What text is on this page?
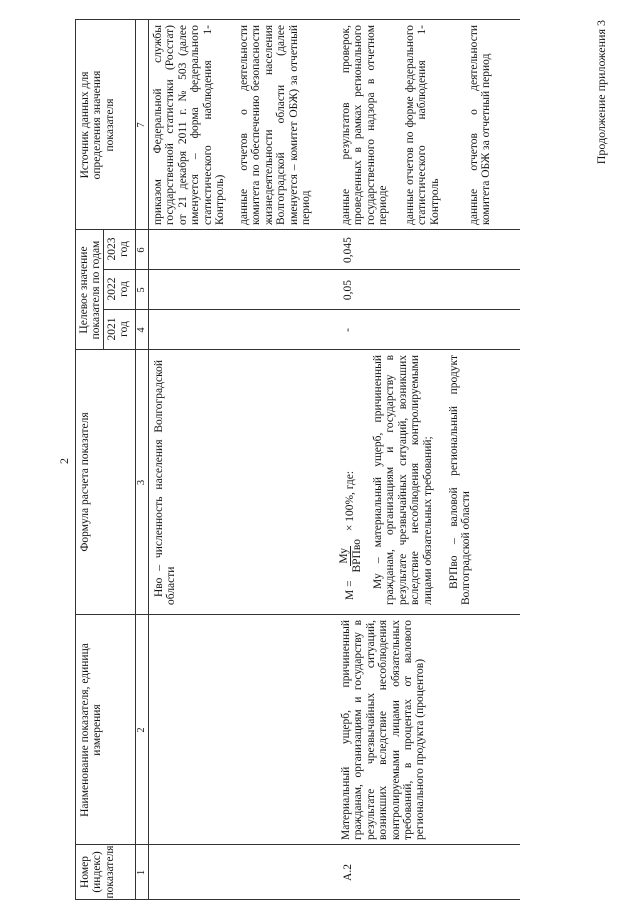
2
Продолжение приложения 3
Номер (индекс) показателя
Наименование показателя, единица измерения
Формула расчета показателя
Целевое значение показателя по годам 2021 год
2022 год
2023 год
Источник данных для определения значения показателя
1
2
3
4
5
6
7
Нво – численность населения Волгоградской области
приказом Федеральной службы государственной статистики (Росстат) от 21 декабря 2011 г. № 503 (далее именуется – форма федерального статистического наблюдения 1-Контроль) данные отчетов о деятельности комитета по обеспечению безопасности жизнедеятельности населения Волгоградской области (далее именуется – комитет ОБЖ) за отчетный период
А.2
Материальный ущерб, причиненный гражданам, организациям и государству в результате чрезвычайных ситуаций, возникших вследствие несоблюдения контролируемыми лицами обязательных требований, в процентах от валового регионального продукта (процентов)
М =
Му ВРПво
× 100%, где:	Му – материальный ущерб, причиненный гражданам, организациям и государству в результате чрезвычайных ситуаций, возникших вследствие несоблюдения контролируемыми лицами обязательных требований; ВРПво – валовой региональный продукт Волгоградской области
-
0,05
0,045
данные результатов проверок, проведенных в рамках регионального государственного надзора в отчетном периоде данные отчетов по форме федерального статистического наблюдения 1-Контроль данные отчетов о деятельности комитета ОБЖ за отчетный период
